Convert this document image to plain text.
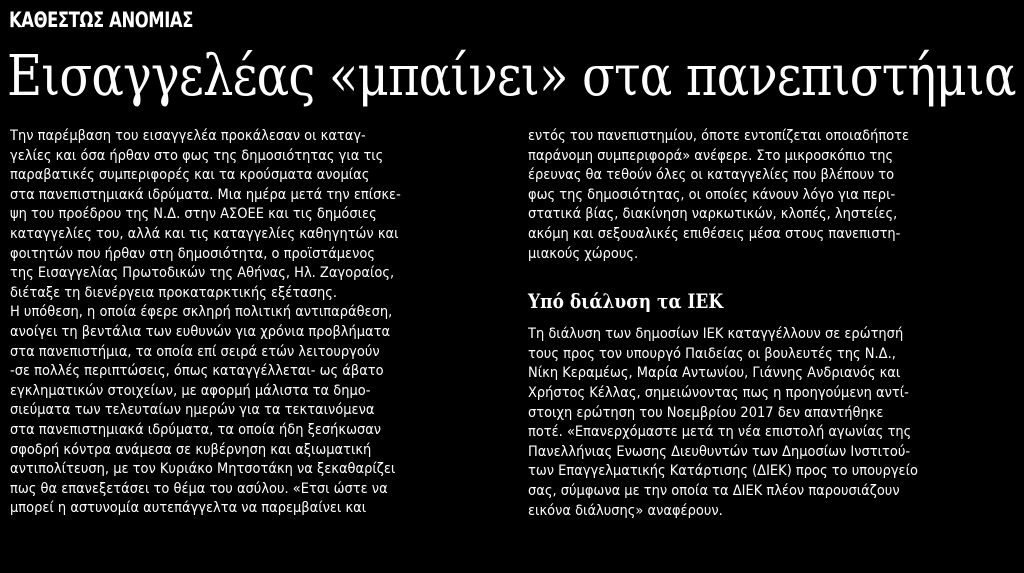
ΚΑΘΕΣΤΩΣ ΑΝΟΜΙΑΣ
Εισαγγελέας «μπαίνει» στα πανεπιστήμια
Την παρέμβαση του εισαγγελέα προκάλεσαν οι καταγ-
γελίες και όσα ήρθαν στο φως της δημοσιότητας για τις
παραβατικές συμπεριφορές και τα κρούσματα ανομίας
στα πανεπιστημιακά ιδρύματα. Μια ημέρα μετά την επίσκε-
ψη του προέδρου της Ν.Δ. στην ΑΣΟΕΕ και τις δημόσιες
καταγγελίες του, αλλά και τις καταγγελίες καθηγητών και
φοιτητών που ήρθαν στη δημοσιότητα, ο προϊστάμενος
της Εισαγγελίας Πρωτοδικών της Αθήνας, Ηλ. Ζαγοραίος,
διέταξε τη διενέργεια προκαταρκτικής εξέτασης.
Η υπόθεση, η οποία έφερε σκληρή πολιτική αντιπαράθεση,
ανοίγει τη βεντάλια των ευθυνών για χρόνια προβλήματα
στα πανεπιστήμια, τα οποία επί σειρά ετών λειτουργούν
-σε πολλές περιπτώσεις, όπως καταγγέλλεται- ως άβατο
εγκληματικών στοιχείων, με αφορμή μάλιστα τα δημο-
σιεύματα των τελευταίων ημερών για τα τεκταινόμενα
στα πανεπιστημιακά ιδρύματα, τα οποία ήδη ξεσήκωσαν
σφοδρή κόντρα ανάμεσα σε κυβέρνηση και αξιωματική
αντιπολίτευση, με τον Κυριάκο Μητσοτάκη να ξεκαθαρίζει
πως θα επανεξετάσει το θέμα του ασύλου. «Ετσι ώστε να
μπορεί η αστυνομία αυτεπάγγελτα να παρεμβαίνει και
εντός του πανεπιστημίου, όποτε εντοπίζεται οποιαδήποτε
παράνομη συμπεριφορά» ανέφερε. Στο μικροσκόπιο της
έρευνας θα τεθούν όλες οι καταγγελίες που βλέπουν το
φως της δημοσιότητας, οι οποίες κάνουν λόγο για περι-
στατικά βίας, διακίνηση ναρκωτικών, κλοπές, ληστείες,
ακόμη και σεξουαλικές επιθέσεις μέσα στους πανεπιστη-
μιακούς χώρους.
Υπό διάλυση τα ΙΕΚ
Τη διάλυση των δημοσίων ΙΕΚ καταγγέλλουν σε ερώτησή
τους προς τον υπουργό Παιδείας οι βουλευτές της Ν.Δ.,
Νίκη Κεραμέως, Μαρία Αντωνίου, Γιάννης Ανδριανός και
Χρήστος Κέλλας, σημειώνοντας πως η προηγούμενη αντί-
στοιχη ερώτηση του Νοεμβρίου 2017 δεν απαντήθηκε
ποτέ. «Επανερχόμαστε μετά τη νέα επιστολή αγωνίας της
Πανελλήνιας Ενωσης Διευθυντών των Δημοσίων Ινστιτού-
των Επαγγελματικής Κατάρτισης (ΔΙΕΚ) προς το υπουργείο
σας, σύμφωνα με την οποία τα ΔΙΕΚ πλέον παρουσιάζουν
εικόνα διάλυσης» αναφέρουν.
